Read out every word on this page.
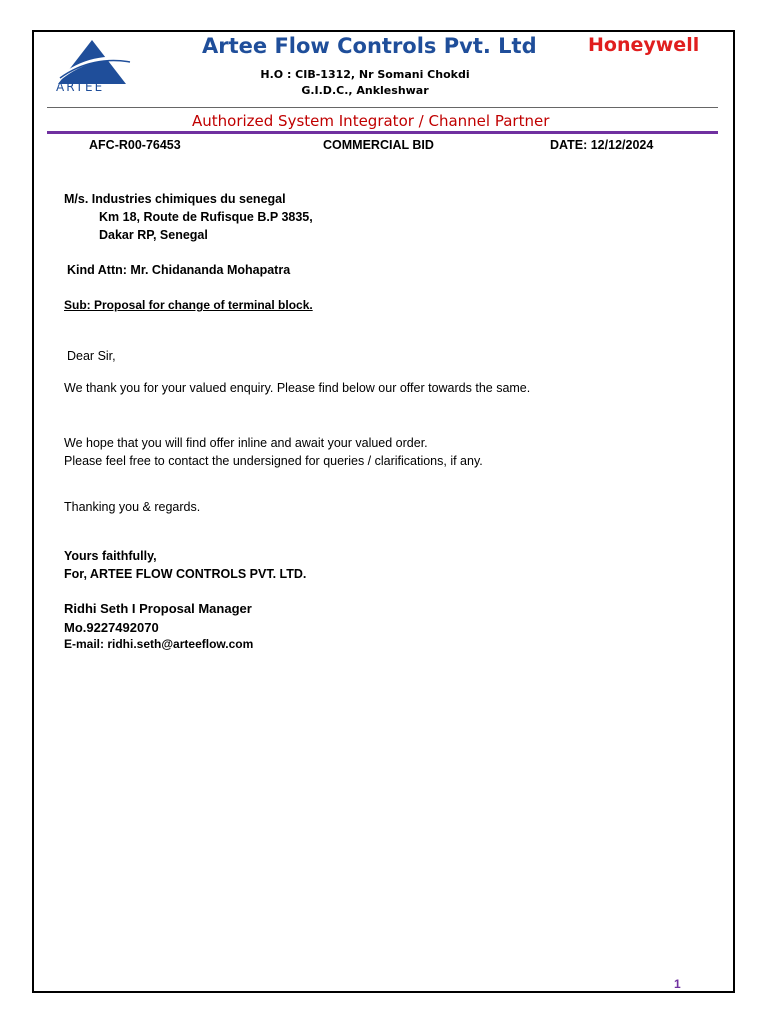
ARTEE
Artee Flow Controls Pvt. Ltd	Honeywell
H.O : CIB-1312, Nr Somani Chokdi
G.I.D.C., Ankleshwar
Authorized System Integrator / Channel Partner
AFC-R00-76453	COMMERCIAL BID	DATE: 12/12/2024
M/s. Industries chimiques du senegal
Km 18, Route de Rufisque B.P 3835,
Dakar RP, Senegal
Kind Attn: Mr. Chidananda Mohapatra
Sub: Proposal for change of terminal block.
Dear Sir,
We thank you for your valued enquiry. Please find below our offer towards the same.
We hope that you will find offer inline and await your valued order.
Please feel free to contact the undersigned for queries / clarifications, if any.
Thanking you & regards.
Yours faithfully,
For, ARTEE FLOW CONTROLS PVT. LTD.
Ridhi Seth I Proposal Manager
Mo.9227492070
E-mail: ridhi.seth@arteeflow.com
1
